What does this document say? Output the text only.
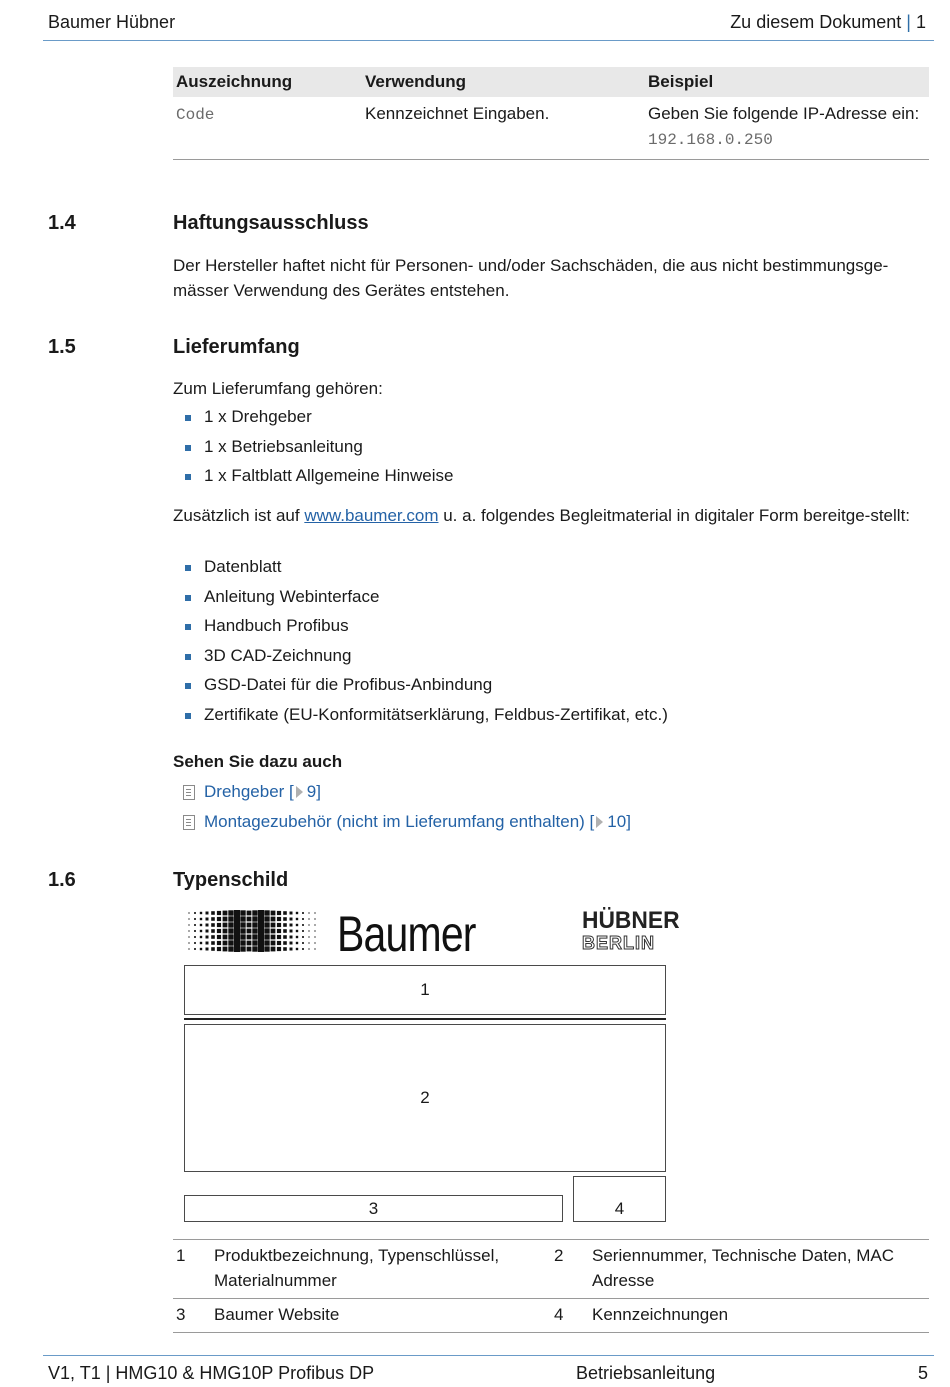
Baumer Hübner	Zu diesem Dokument | 1
Auszeichnung	Verwendung	Beispiel
Code	Kennzeichnet Eingaben.	Geben Sie folgende IP-Adresse ein:
192.168.0.250
1.4	Haftungsausschluss
Der Hersteller haftet nicht für Personen- und/oder Sachschäden, die aus nicht bestimmungsge-mässer Verwendung des Gerätes entstehen.
1.5	Lieferumfang
Zum Lieferumfang gehören:
1 x Drehgeber
1 x Betriebsanleitung
1 x Faltblatt Allgemeine Hinweise
Zusätzlich ist auf www.baumer.com u. a. folgendes Begleitmaterial in digitaler Form bereitge-stellt:
Datenblatt
Anleitung Webinterface
Handbuch Profibus
3D CAD-Zeichnung
GSD-Datei für die Profibus-Anbindung
Zertifikate (EU-Konformitätserklärung, Feldbus-Zertifikat, etc.)
Sehen Sie dazu auch
Drehgeber [ 9]
Montagezubehör (nicht im Lieferumfang enthalten) [ 10]
1.6	Typenschild
Baumer	HÜBNER
BERLIN
1
2
3	4
1	Produktbezeichnung, Typenschlüssel, Materialnummer	2	Seriennummer, Technische Daten, MAC Adresse
3	Baumer Website	4	Kennzeichnungen
V1, T1 | HMG10 & HMG10P Profibus DP	Betriebsanleitung	5
